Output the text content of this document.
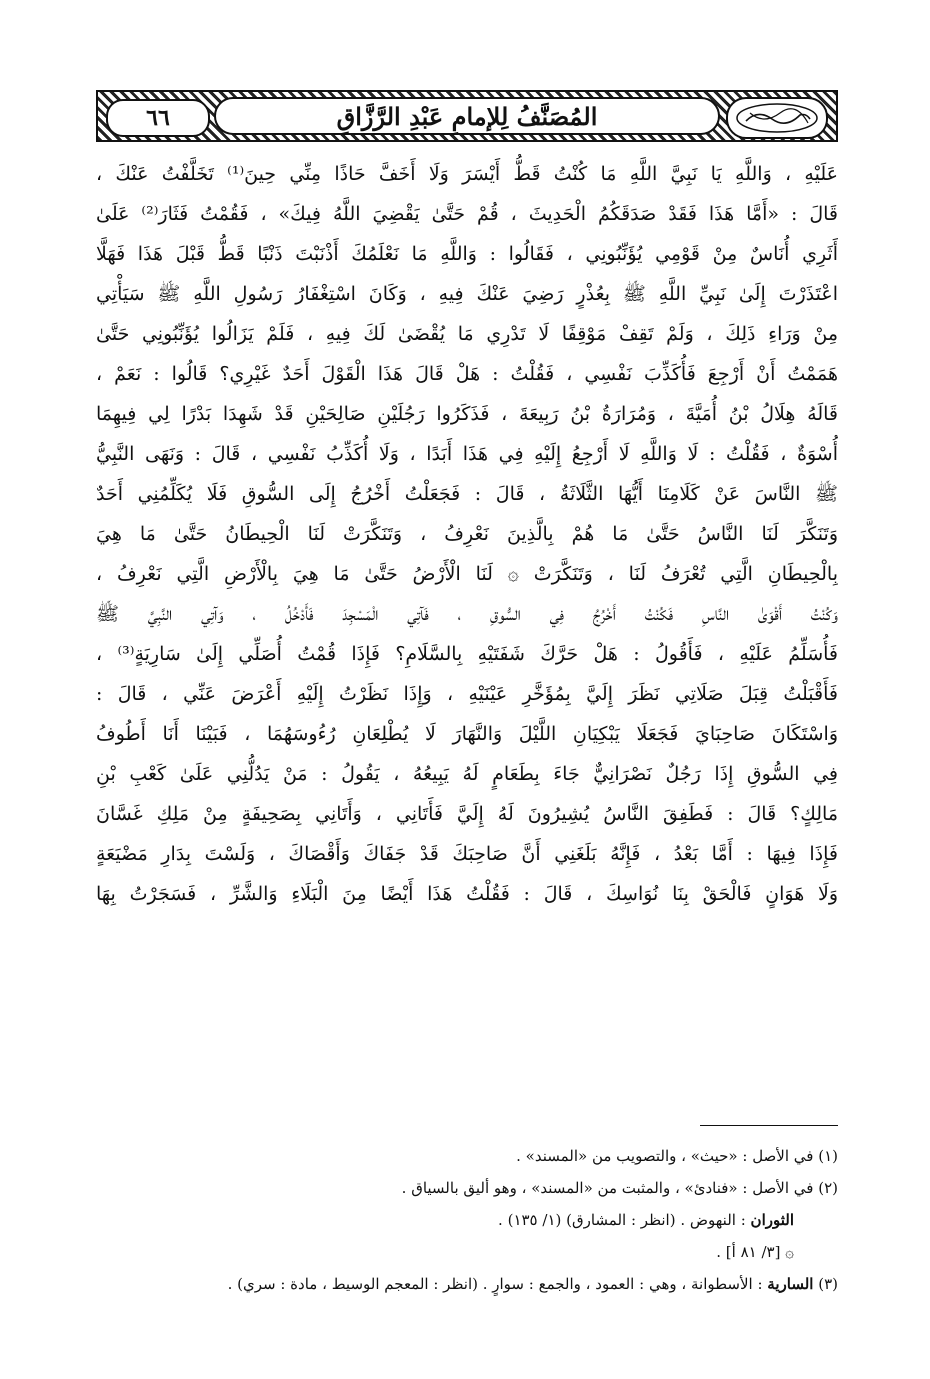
٦٦	المُصَنَّفُ لِلإمامِ عَبْدِ الرَّزَّاقِ
عَلَيْهِ ، وَاللَّهِ يَا نَبِيَّ اللَّهِ مَا كُنْتُ قَطُّ أَيْسَرَ وَلَا أَخَفَّ حَاذًا مِنِّي حِينَ⁽¹⁾ تَخَلَّفْتُ عَنْكَ ،
قَالَ : «أَمَّا هَذَا فَقَدْ صَدَقَكُمُ الْحَدِيثَ ، قُمْ حَتَّىٰ يَقْضِيَ اللَّهُ فِيكَ» ، فَقُمْتُ فَثَارَ⁽²⁾ عَلَىٰ
أَثَرِي أُنَاسٌ مِنْ قَوْمِي يُؤَنِّبُونِي ، فَقَالُوا : وَاللَّهِ مَا نَعْلَمُكَ أَذْنَبْتَ ذَنْبًا قَطُّ قَبْلَ هَذَا فَهَلَّا
اعْتَذَرْتَ إِلَىٰ نَبِيِّ اللَّهِ ﷺ بِعُذْرٍ رَضِيَ عَنْكَ فِيهِ ، وَكَانَ اسْتِغْفَارُ رَسُولِ اللَّهِ ﷺ سَيَأْتِي
مِنْ وَرَاءِ ذَلِكَ ، وَلَمْ تَقِفْ مَوْقِفًا لَا تَدْرِي مَا يُقْضَىٰ لَكَ فِيهِ ، فَلَمْ يَزَالُوا يُؤَنِّبُونِي حَتَّىٰ
هَمَمْتُ أَنْ أَرْجِعَ فَأُكَذِّبَ نَفْسِي ، فَقُلْتُ : هَلْ قَالَ هَذَا الْقَوْلَ أَحَدٌ غَيْرِي؟ قَالُوا : نَعَمْ ،
قَالَهُ هِلَالُ بْنُ أُمَيَّةَ ، وَمُرَارَةُ بْنُ رَبِيعَةَ ، فَذَكَرُوا رَجُلَيْنِ صَالِحَيْنِ قَدْ شَهِدَا بَدْرًا لِي فِيهِمَا
أُسْوَةٌ ، فَقُلْتُ : لَا وَاللَّهِ لَا أَرْجِعُ إِلَيْهِ فِي هَذَا أَبَدًا ، وَلَا أُكَذِّبُ نَفْسِي ، قَالَ : وَنَهَى النَّبِيُّ
ﷺ النَّاسَ عَنْ كَلَامِنَا أَيُّهَا الثَّلَاثَةُ ، قَالَ : فَجَعَلْتُ أَخْرُجُ إِلَى السُّوقِ فَلَا يُكَلِّمُنِي أَحَدٌ
وَتَنَكَّرَ لَنَا النَّاسُ حَتَّىٰ مَا هُمْ بِالَّذِينَ نَعْرِفُ ، وَتَنَكَّرَتْ لَنَا الْحِيطَانُ حَتَّىٰ مَا هِيَ
بِالْحِيطَانِ الَّتِي تُعْرَفُ لَنَا ، وَتَنَكَّرَتْ ۞ لَنَا الْأَرْضُ حَتَّىٰ مَا هِيَ بِالْأَرْضِ الَّتِي نَعْرِفُ ،
وَكُنْتُ أَقْوَىٰ النَّاسِ فَكُنْتُ أَخْرُجُ فِي السُّوقِ ، فَآتِي الْمَسْجِدَ فَأَدْخُلُ ، وَآتِي النَّبِيَّ ﷺ
فَأُسَلِّمُ عَلَيْهِ ، فَأَقُولُ : هَلْ حَرَّكَ شَفَتَيْهِ بِالسَّلَامِ؟ فَإِذَا قُمْتُ أُصَلِّي إِلَىٰ سَارِيَةٍ⁽³⁾ ،
فَأَقْبَلْتُ قِبَلَ صَلَاتِي نَظَرَ إِلَيَّ بِمُؤَخَّرِ عَيْنَيْهِ ، وَإِذَا نَظَرْتُ إِلَيْهِ أَعْرَضَ عَنِّي ، قَالَ :
وَاسْتَكَانَ صَاحِبَايَ فَجَعَلَا يَبْكِيَانِ اللَّيْلَ وَالنَّهَارَ لَا يُطْلِعَانِ رُءُوسَهُمَا ، فَبَيْنَا أَنَا أَطُوفُ
فِي السُّوقِ إِذَا رَجُلٌ نَصْرَانِيٌّ جَاءَ بِطَعَامٍ لَهُ يَبِيعُهُ ، يَقُولُ : مَنْ يَدُلُّنِي عَلَىٰ كَعْبِ بْنِ
مَالِكٍ؟ قَالَ : فَطَفِقَ النَّاسُ يُشِيرُونَ لَهُ إِلَيَّ فَأَتَانِي ، وَأَتَانِي بِصَحِيفَةٍ مِنْ مَلِكِ غَسَّانَ
فَإِذَا فِيهَا : أَمَّا بَعْدُ ، فَإِنَّهُ بَلَغَنِي أَنَّ صَاحِبَكَ قَدْ جَفَاكَ وَأَقْصَاكَ ، وَلَسْتَ بِدَارِ مَضْيَعَةٍ
وَلَا هَوَانٍ فَالْحَقْ بِنَا نُوَاسِكَ ، قَالَ : فَقُلْتُ هَذَا أَيْضًا مِنَ الْبَلَاءِ وَالشَّرِّ ، فَسَجَرْتُ بِهَا
(١) في الأصل : «حيث» ، والتصويب من «المسند» .
(٢) في الأصل : «فنادئ» ، والمثبت من «المسند» ، وهو أليق بالسياق .
الثوران : النهوض . (انظر : المشارق) (١/ ١٣٥) .
۞ [٣/ ٨١ أ] .
(٣) السارية : الأسطوانة ، وهي : العمود ، والجمع : سوارٍ . (انظر : المعجم الوسيط ، مادة : سري) .
